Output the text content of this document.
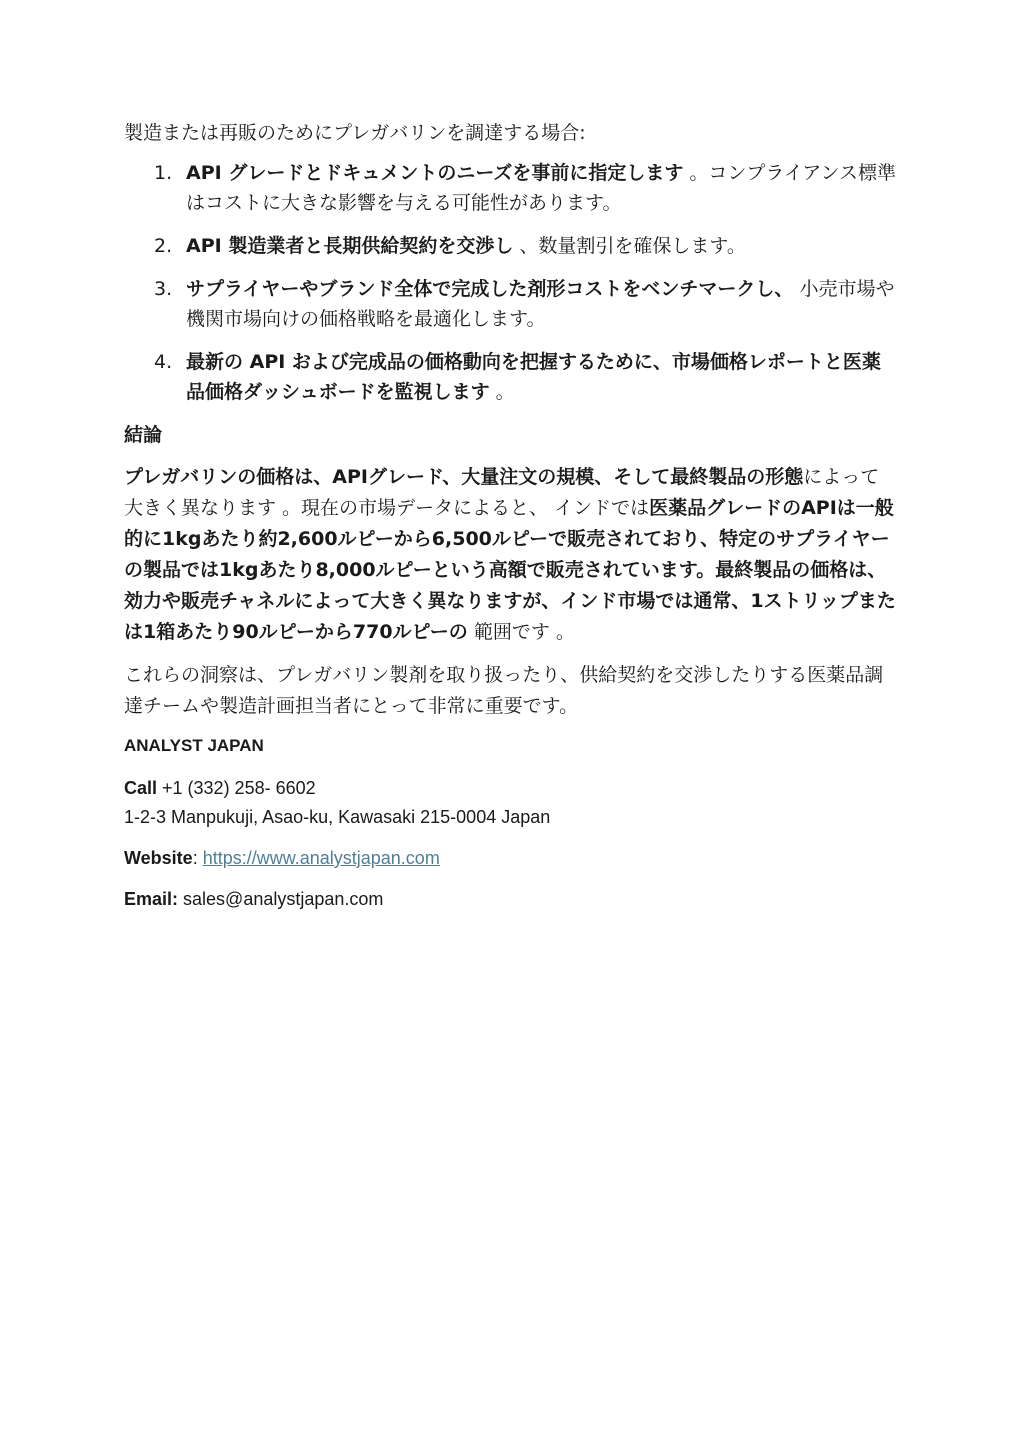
製造または再販のためにプレガバリンを調達する場合:

1. API グレードとドキュメントのニーズを事前に指定します 。コンプライアンス標準はコストに大きな影響を与える可能性があります。
2. API 製造業者と長期供給契約を交渉し 、数量割引を確保します。
3. サプライヤーやブランド全体で完成した剤形コストをベンチマークし、 小売市場や機関市場向けの価格戦略を最適化します。
4. 最新の API および完成品の価格動向を把握するために、市場価格レポートと医薬品価格ダッシュボードを監視します 。
結論

プレガバリンの価格は、APIグレード、大量注文の規模、そして最終製品の形態によって大きく異なります 。現在の市場データによると、 インドでは医薬品グレードのAPIは一般的に1kgあたり約2,600ルピーから6,500ルピーで販売されており、特定のサプライヤーの製品では1kgあたり8,000ルピーという高額で販売されています。最終製品の価格は、効力や販売チャネルによって大きく異なりますが、インド市場では通常、1ストリップまたは1箱あたり90ルピーから770ルピーの 範囲です 。

これらの洞察は、プレガバリン製剤を取り扱ったり、供給契約を交渉したりする医薬品調達チームや製造計画担当者にとって非常に重要です。

ANALYST JAPAN
Call +1 (332) 258- 6602
1-2-3 Manpukuji, Asao-ku, Kawasaki 215-0004 Japan
Website: https://www.analystjapan.com
Email: sales@analystjapan.com
